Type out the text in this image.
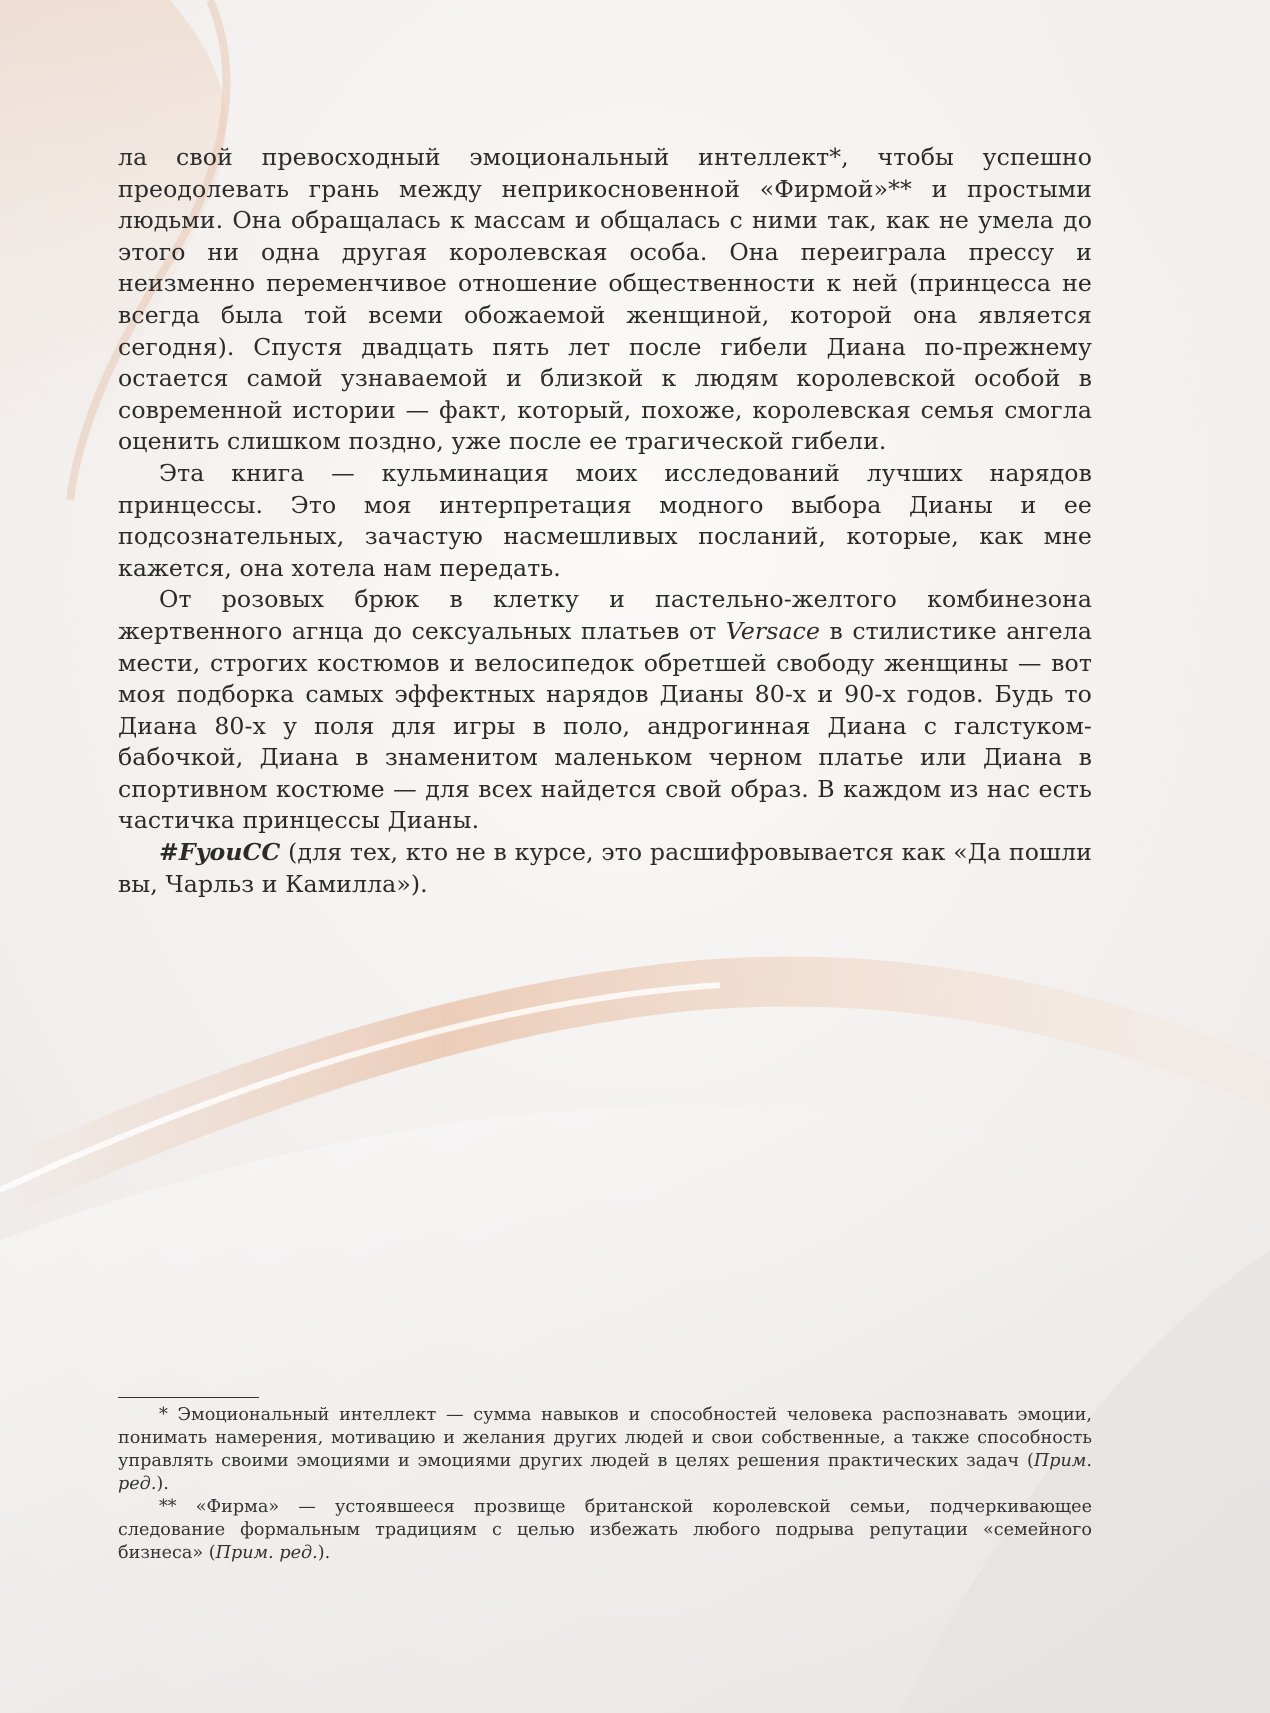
ла свой превосходный эмоциональный интеллект*, чтобы успешно преодолевать грань между неприкосновенной «Фирмой»** и простыми людьми. Она обращалась к массам и общалась с ними так, как не умела до этого ни одна другая королевская особа. Она переиграла прессу и неизменно переменчивое отношение общественности к ней (принцесса не всегда была той всеми обожаемой женщиной, которой она является сегодня). Спустя двадцать пять лет после гибели Диана по-прежнему остается самой узнаваемой и близкой к людям королевской особой в современной истории — факт, который, похоже, королевская семья смогла оценить слишком поздно, уже после ее трагической гибели.

Эта книга — кульминация моих исследований лучших нарядов принцессы. Это моя интерпретация модного выбора Дианы и ее подсознательных, зачастую насмешливых посланий, которые, как мне кажется, она хотела нам передать.

От розовых брюк в клетку и пастельно-желтого комбинезона жертвенного агнца до сексуальных платьев от Versace в стилистике ангела мести, строгих костюмов и велосипедок обретшей свободу женщины — вот моя подборка самых эффектных нарядов Дианы 80-х и 90-х годов. Будь то Диана 80-х у поля для игры в поло, андрогинная Диана с галстуком-бабочкой, Диана в знаменитом маленьком черном платье или Диана в спортивном костюме — для всех найдется свой образ. В каждом из нас есть частичка принцессы Дианы.

#FyouCC (для тех, кто не в курсе, это расшифровывается как «Да пошли вы, Чарльз и Камилла»).

* Эмоциональный интеллект — сумма навыков и способностей человека распознавать эмоции, понимать намерения, мотивацию и желания других людей и свои собственные, а также способность управлять своими эмоциями и эмоциями других людей в целях решения практических задач (Прим. ред.).

** «Фирма» — устоявшееся прозвище британской королевской семьи, подчеркивающее следование формальным традициям с целью избежать любого подрыва репутации «семейного бизнеса» (Прим. ред.).
